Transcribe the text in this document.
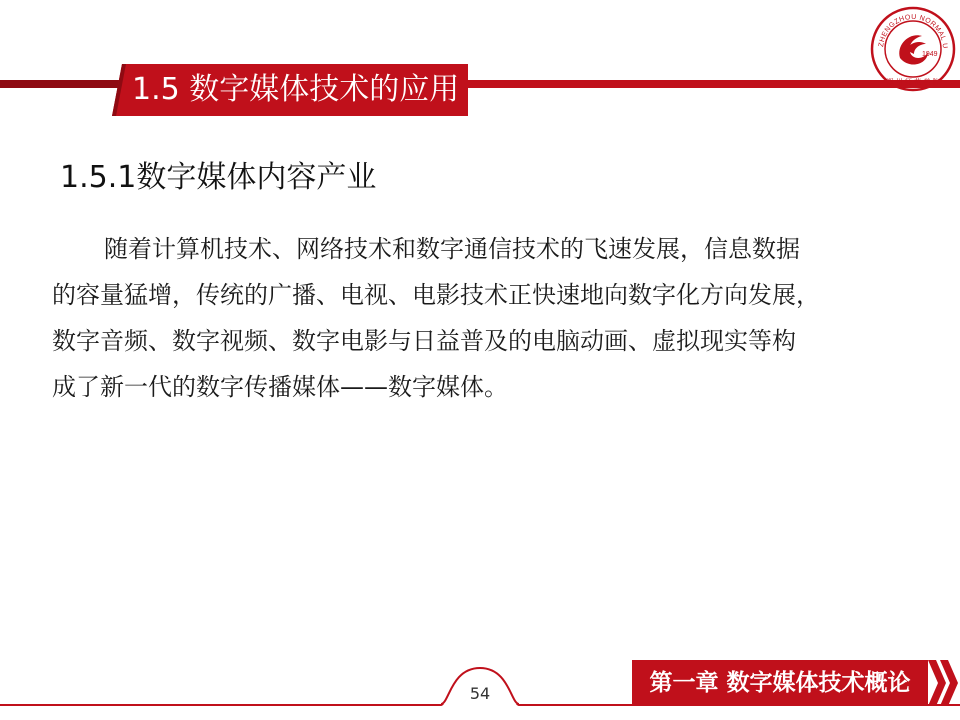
1.5 数字媒体技术的应用
ZHENGZHOU NORMAL U
1949
郑 州 师 范 学 院
1.5.1数字媒体内容产业
随着计算机技术、网络技术和数字通信技术的飞速发展，信息数据
的容量猛增，传统的广播、电视、电影技术正快速地向数字化方向发展，
数字音频、数字视频、数字电影与日益普及的电脑动画、虚拟现实等构
成了新一代的数字传播媒体——数字媒体。
54	第一章 数字媒体技术概论
